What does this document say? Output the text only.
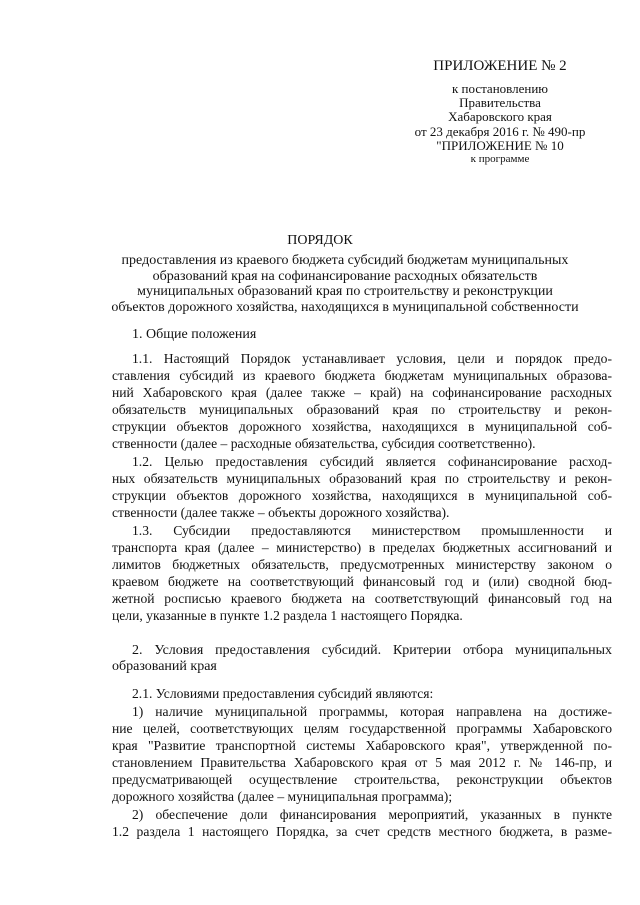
ПРИЛОЖЕНИЕ № 2
к постановлению
Правительства
Хабаровского края
от 23 декабря 2016 г. № 490-пр
"ПРИЛОЖЕНИЕ № 10
к программе
ПОРЯДОК
предоставления из краевого бюджета субсидий бюджетам муниципальных
образований края на софинансирование расходных обязательств
муниципальных образований края по строительству и реконструкции
объектов дорожного хозяйства, находящихся в муниципальной собственности
1. Общие положения
1.1. Настоящий Порядок устанавливает условия, цели и порядок предо-
ставления субсидий из краевого бюджета бюджетам муниципальных образова-
ний Хабаровского края (далее также – край) на софинансирование расходных
обязательств муниципальных образований края по строительству и рекон-
струкции объектов дорожного хозяйства, находящихся в муниципальной соб-
ственности (далее – расходные обязательства, субсидия соответственно).
1.2. Целью предоставления субсидий является софинансирование расход-
ных обязательств муниципальных образований края по строительству и рекон-
струкции объектов дорожного хозяйства, находящихся в муниципальной соб-
ственности (далее также – объекты дорожного хозяйства).
1.3. Субсидии предоставляются министерством промышленности и
транспорта края (далее – министерство) в пределах бюджетных ассигнований и
лимитов бюджетных обязательств, предусмотренных министерству законом о
краевом бюджете на соответствующий финансовый год и (или) сводной бюд-
жетной росписью краевого бюджета на соответствующий финансовый год на
цели, указанные в пункте 1.2 раздела 1 настоящего Порядка.
2. Условия предоставления субсидий. Критерии отбора муниципальных
образований края
2.1. Условиями предоставления субсидий являются:
1) наличие муниципальной программы, которая направлена на достиже-
ние целей, соответствующих целям государственной программы Хабаровского
края "Развитие транспортной системы Хабаровского края", утвержденной по-
становлением Правительства Хабаровского края от 5 мая 2012 г. № 146-пр, и
предусматривающей осуществление строительства, реконструкции объектов
дорожного хозяйства (далее – муниципальная программа);
2) обеспечение доли финансирования мероприятий, указанных в пункте
1.2 раздела 1 настоящего Порядка, за счет средств местного бюджета, в разме-
